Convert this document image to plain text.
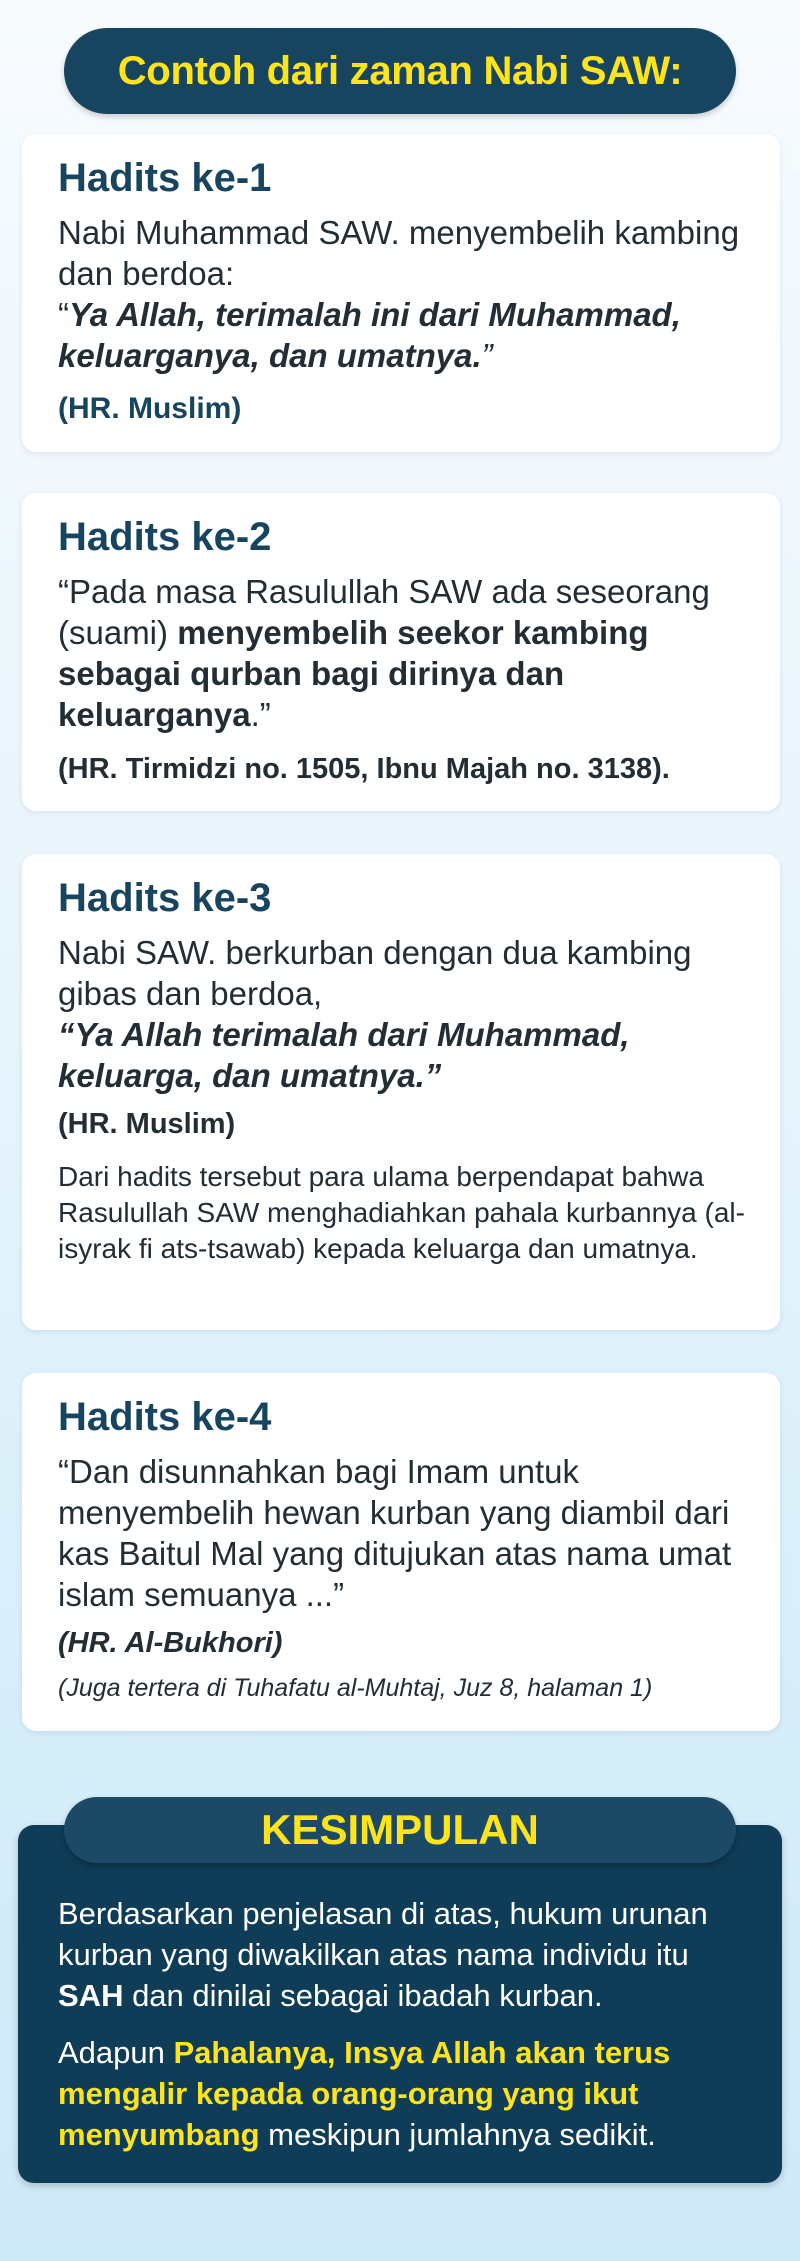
Contoh dari zaman Nabi SAW:
Hadits ke-1

Nabi Muhammad SAW. menyembelih kambing dan berdoa:

“Ya Allah, terimalah ini dari Muhammad, keluarganya, dan umatnya.”

(HR. Muslim)
Hadits ke-2

“Pada masa Rasulullah SAW ada seseorang (suami) menyembelih seekor kambing sebagai qurban bagi dirinya dan keluarganya.”

(HR. Tirmidzi no. 1505, Ibnu Majah no. 3138).
Hadits ke-3

Nabi SAW. berkurban dengan dua kambing gibas dan berdoa,

“Ya Allah terimalah dari Muhammad, keluarga, dan umatnya.”

(HR. Muslim)
Dari hadits tersebut para ulama berpendapat bahwa Rasulullah SAW menghadiahkan pahala kurbannya (al-isyrak fi ats-tsawab) kepada keluarga dan umatnya.
Hadits ke-4

“Dan disunnahkan bagi Imam untuk menyembelih hewan kurban yang diambil dari kas Baitul Mal yang ditujukan atas nama umat islam semuanya ...”

(HR. Al-Bukhori)
(Juga tertera di Tuhafatu al-Muhtaj, Juz 8, halaman 1)
KESIMPULAN

Berdasarkan penjelasan di atas, hukum urunan kurban yang diwakilkan atas nama individu itu SAH dan dinilai sebagai ibadah kurban.

Adapun Pahalanya, Insya Allah akan terus mengalir kepada orang-orang yang ikut menyumbang meskipun jumlahnya sedikit.
